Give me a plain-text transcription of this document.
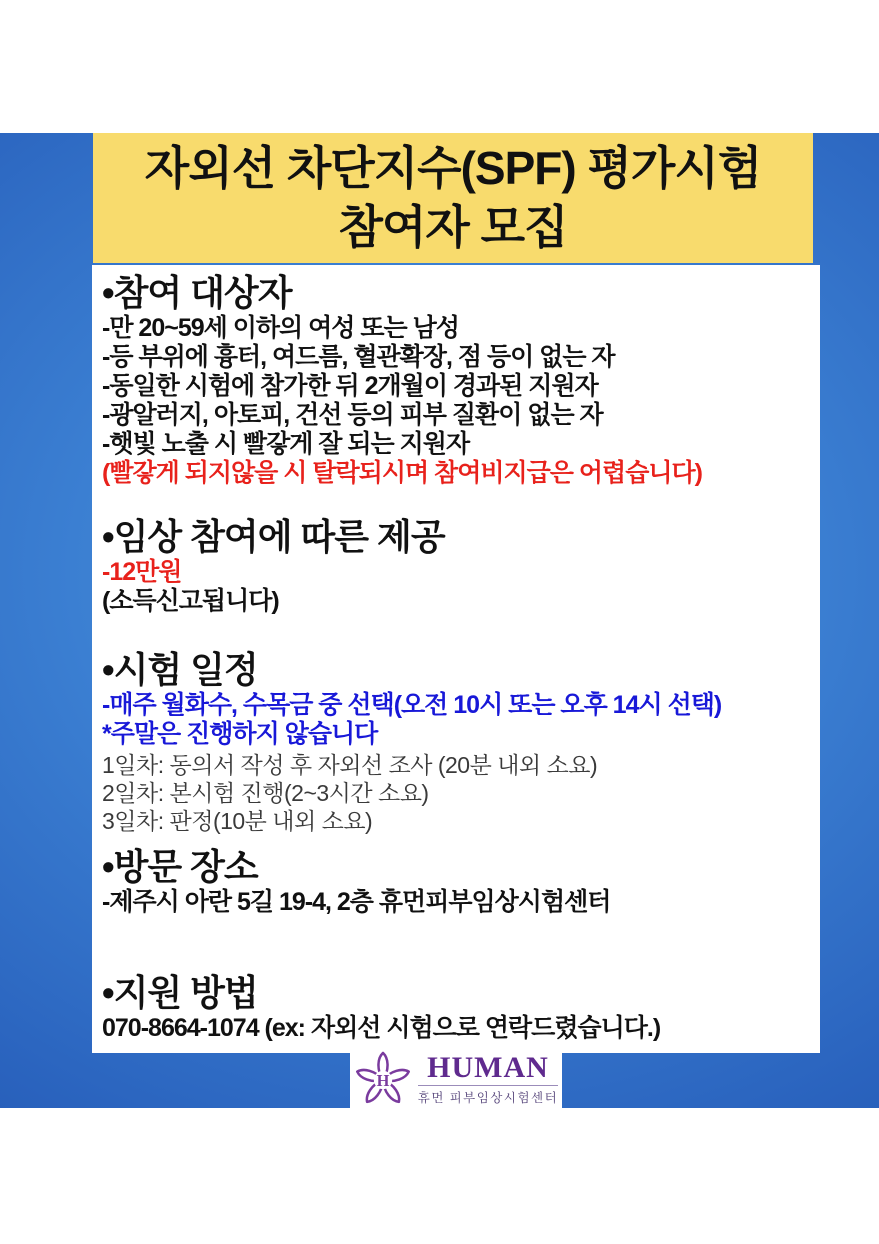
자외선 차단지수(SPF) 평가시험
참여자 모집
•참여 대상자
-만 20~59세 이하의 여성 또는 남성
-등 부위에 흉터, 여드름, 혈관확장, 점 등이 없는 자
-동일한 시험에 참가한 뒤 2개월이 경과된 지원자
-광알러지, 아토피, 건선 등의 피부 질환이 없는 자
-햇빛 노출 시 빨갛게 잘 되는 지원자
(빨갛게 되지않을 시 탈락되시며 참여비지급은 어렵습니다)
•임상 참여에 따른 제공
-12만원
(소득신고됩니다)
•시험 일정
-매주 월화수, 수목금 중 선택(오전 10시 또는 오후 14시 선택)
*주말은 진행하지 않습니다
1일차: 동의서 작성 후 자외선 조사 (20분 내외 소요)
2일차: 본시험 진행(2~3시간 소요)
3일차: 판정(10분 내외 소요)
•방문 장소
-제주시 아란 5길 19-4, 2층 휴먼피부임상시험센터
•지원 방법
070-8664-1074 (ex: 자외선 시험으로 연락드렸습니다.)
H HUMAN
휴먼 피부임상시험센터
